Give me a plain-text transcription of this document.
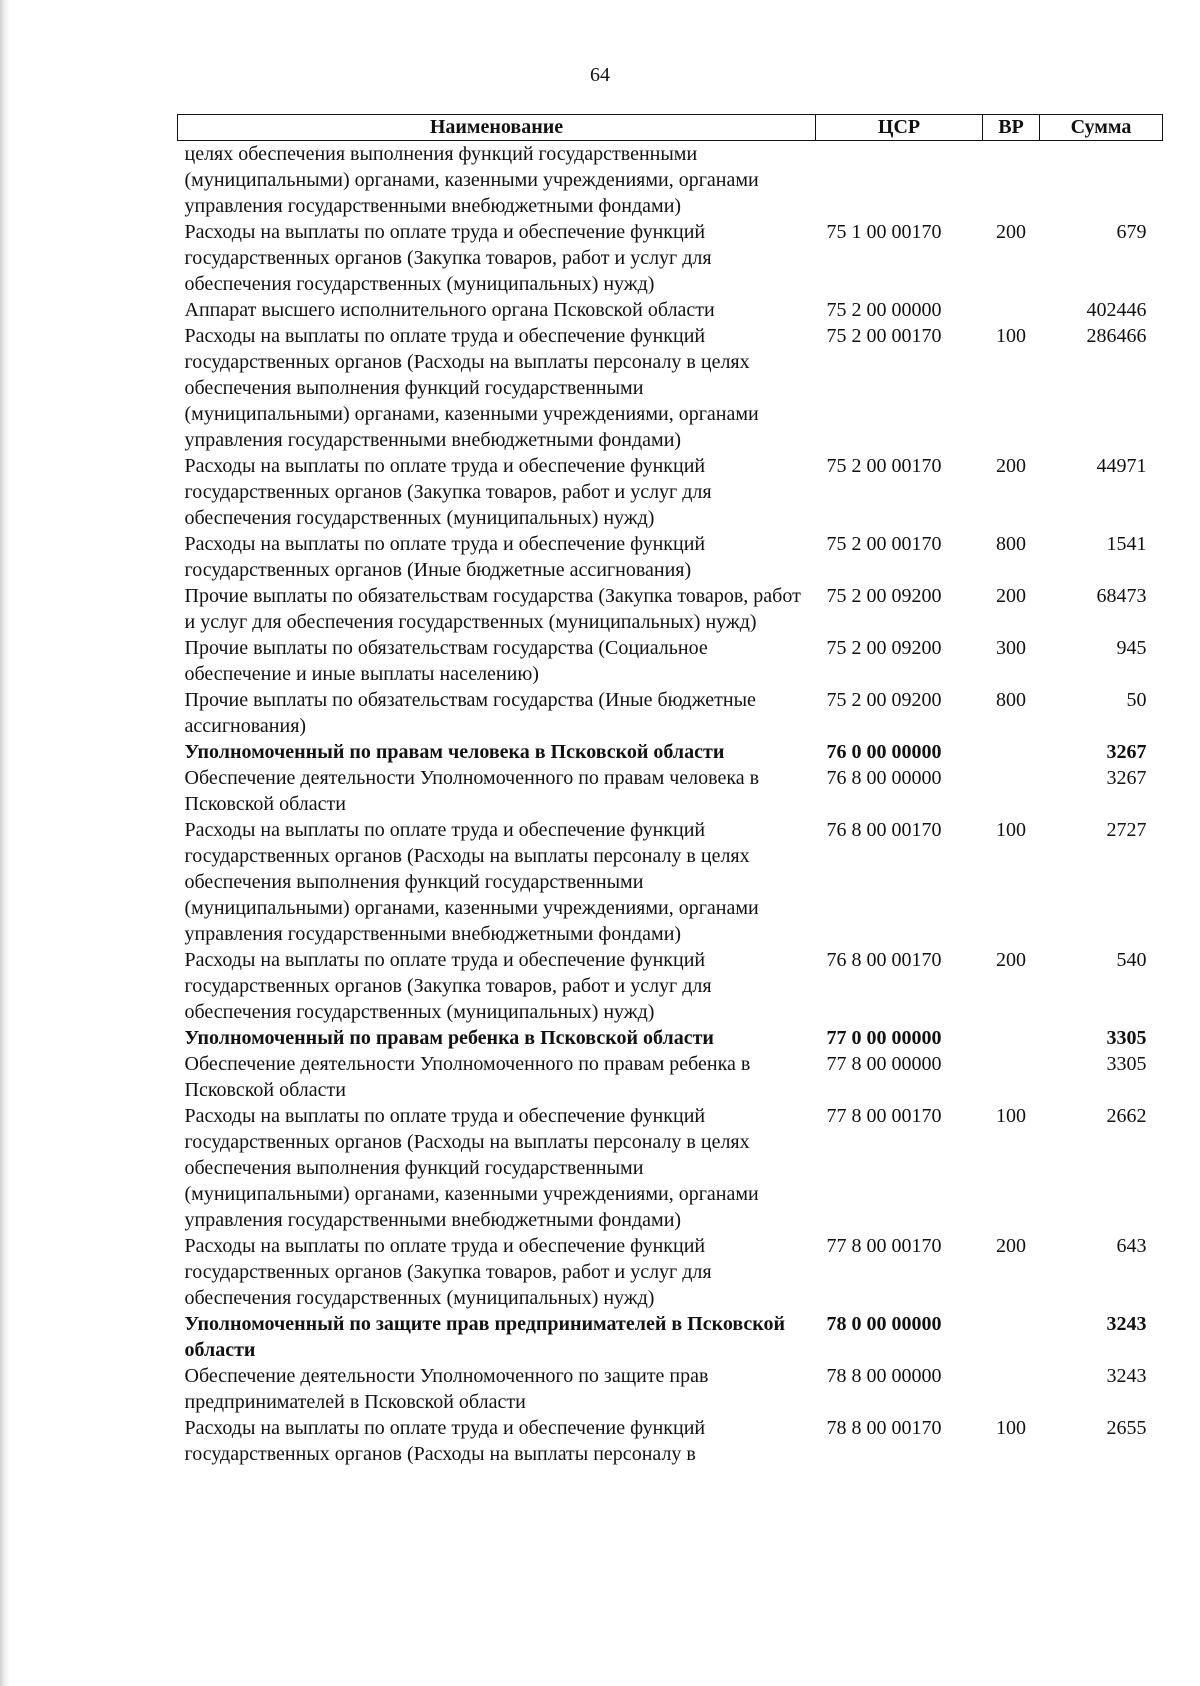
64
Наименование	ЦСР	ВР	Сумма
целях обеспечения выполнения функций государственными (муниципальными) органами, казенными учреждениями, органами управления государственными внебюджетными фондами)			
Расходы на выплаты по оплате труда и обеспечение функций государственных органов (Закупка товаров, работ и услуг для обеспечения государственных (муниципальных) нужд)	75 1 00 00170	200	679
Аппарат высшего исполнительного органа Псковской области	75 2 00 00000		402446
Расходы на выплаты по оплате труда и обеспечение функций государственных органов (Расходы на выплаты персоналу в целях обеспечения выполнения функций государственными (муниципальными) органами, казенными учреждениями, органами управления государственными внебюджетными фондами)	75 2 00 00170	100	286466
Расходы на выплаты по оплате труда и обеспечение функций государственных органов (Закупка товаров, работ и услуг для обеспечения государственных (муниципальных) нужд)	75 2 00 00170	200	44971
Расходы на выплаты по оплате труда и обеспечение функций государственных органов (Иные бюджетные ассигнования)	75 2 00 00170	800	1541
Прочие выплаты по обязательствам государства (Закупка товаров, работ и услуг для обеспечения государственных (муниципальных) нужд)	75 2 00 09200	200	68473
Прочие выплаты по обязательствам государства (Социальное обеспечение и иные выплаты населению)	75 2 00 09200	300	945
Прочие выплаты по обязательствам государства (Иные бюджетные ассигнования)	75 2 00 09200	800	50
Уполномоченный по правам человека в Псковской области	76 0 00 00000		3267
Обеспечение деятельности Уполномоченного по правам человека в Псковской области	76 8 00 00000		3267
Расходы на выплаты по оплате труда и обеспечение функций государственных органов (Расходы на выплаты персоналу в целях обеспечения выполнения функций государственными (муниципальными) органами, казенными учреждениями, органами управления государственными внебюджетными фондами)	76 8 00 00170	100	2727
Расходы на выплаты по оплате труда и обеспечение функций государственных органов (Закупка товаров, работ и услуг для обеспечения государственных (муниципальных) нужд)	76 8 00 00170	200	540
Уполномоченный по правам ребенка в Псковской области	77 0 00 00000		3305
Обеспечение деятельности Уполномоченного по правам ребенка в Псковской области	77 8 00 00000		3305
Расходы на выплаты по оплате труда и обеспечение функций государственных органов (Расходы на выплаты персоналу в целях обеспечения выполнения функций государственными (муниципальными) органами, казенными учреждениями, органами управления государственными внебюджетными фондами)	77 8 00 00170	100	2662
Расходы на выплаты по оплате труда и обеспечение функций государственных органов (Закупка товаров, работ и услуг для обеспечения государственных (муниципальных) нужд)	77 8 00 00170	200	643
Уполномоченный по защите прав предпринимателей в Псковской области	78 0 00 00000		3243
Обеспечение деятельности Уполномоченного по защите прав предпринимателей в Псковской области	78 8 00 00000		3243
Расходы на выплаты по оплате труда и обеспечение функций государственных органов (Расходы на выплаты персоналу в	78 8 00 00170	100	2655
